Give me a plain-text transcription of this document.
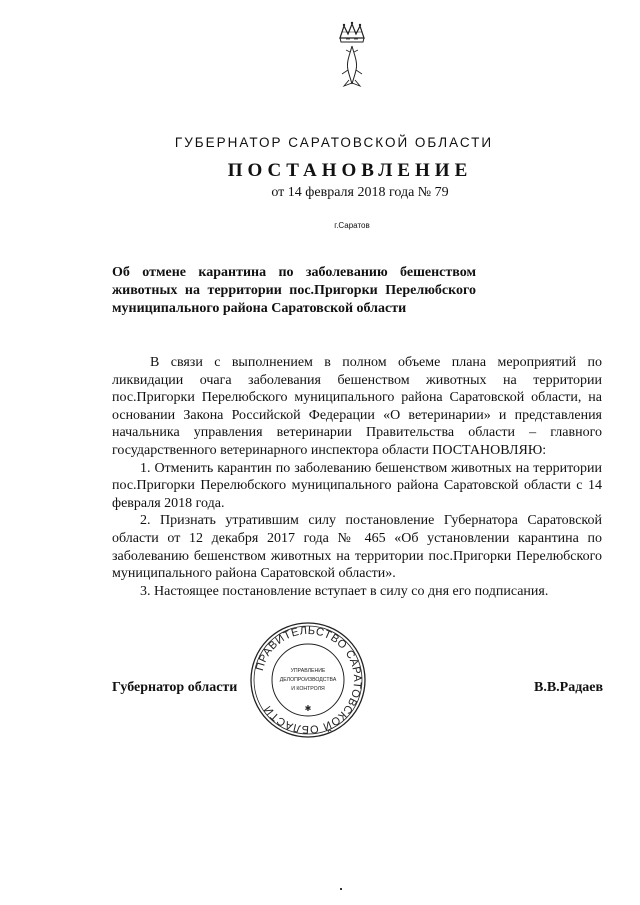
ГУБЕРНАТОР САРАТОВСКОЙ ОБЛАСТИ
ПОСТАНОВЛЕНИЕ
от 14 февраля 2018 года № 79
г.Саратов
Об отмене карантина по заболеванию бешенством животных на территории пос.Пригорки Перелюбского муниципального района Саратовской области

В связи с выполнением в полном объеме плана мероприятий по ликвидации очага заболевания бешенством животных на территории пос.Пригорки Перелюбского муниципального района Саратовской области, на основании Закона Российской Федерации «О ветеринарии» и представления начальника управления ветеринарии Правительства области – главного государственного ветеринарного инспектора области ПОСТАНОВЛЯЮ:

1. Отменить карантин по заболеванию бешенством животных на территории пос.Пригорки Перелюбского муниципального района Саратовской области с 14 февраля 2018 года.

2. Признать утратившим силу постановление Губернатора Саратовской области от 12 декабря 2017 года № 465 «Об установлении карантина по заболеванию бешенством животных на территории пос.Пригорки Перелюбского муниципального района Саратовской области».

3. Настоящее постановление вступает в силу со дня его подписания.

Губернатор области	В.В.Радаев
ПРАВИТЕЛЬСТВО САРАТОВСКОЙ ОБЛАСТИ
УПРАВЛЕНИЕ
ДЕЛОПРОИЗВОДСТВА
И КОНТРОЛЯ
✱
